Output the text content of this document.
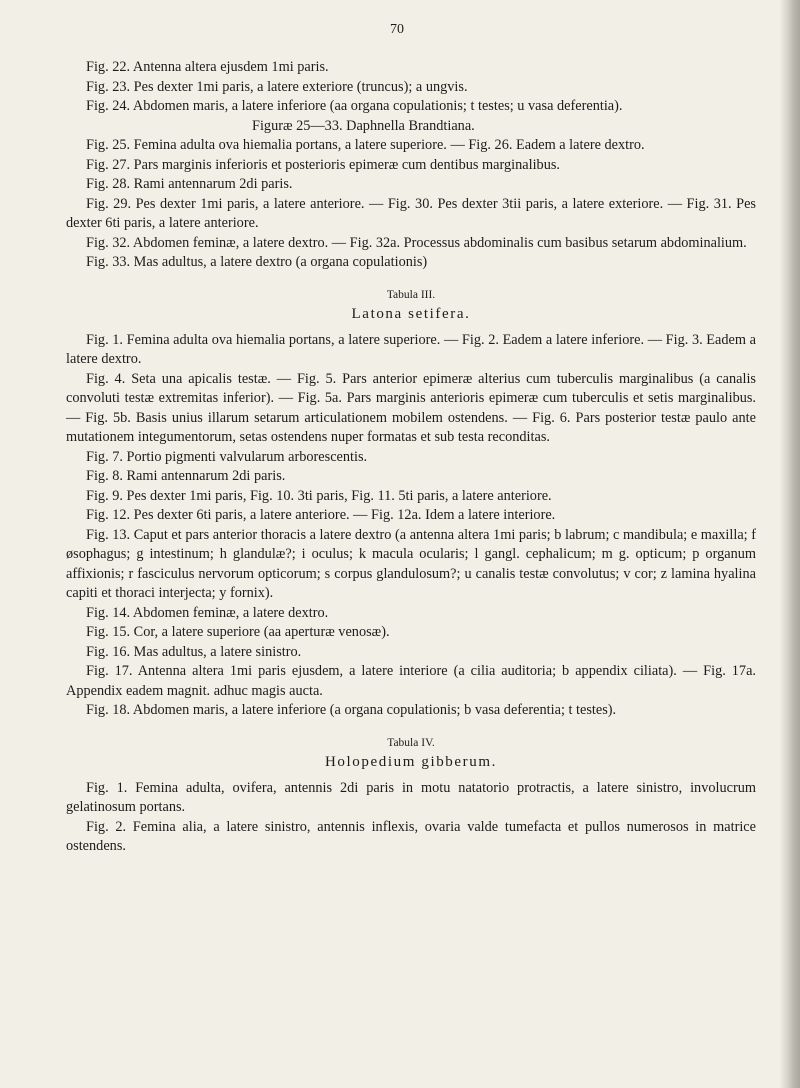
70

Fig. 22. Antenna altera ejusdem 1mi paris.

Fig. 23. Pes dexter 1mi paris, a latere exteriore (truncus); a ungvis.

Fig. 24. Abdomen maris, a latere inferiore (aa organa copulationis; t testes; u vasa deferentia).

Figuræ 25—33. Daphnella Brandtiana.

Fig. 25. Femina adulta ova hiemalia portans, a latere superiore. — Fig. 26. Eadem a latere dextro.

Fig. 27. Pars marginis inferioris et posterioris epimeræ cum dentibus marginalibus.

Fig. 28. Rami antennarum 2di paris.

Fig. 29. Pes dexter 1mi paris, a latere anteriore. — Fig. 30. Pes dexter 3tii paris, a latere exteriore. — Fig. 31. Pes dexter 6ti paris, a latere anteriore.

Fig. 32. Abdomen feminæ, a latere dextro. — Fig. 32a. Processus abdominalis cum basibus setarum abdominalium.

Fig. 33. Mas adultus, a latere dextro (a organa copulationis)

Tabula III.

Latona setifera.

Fig. 1. Femina adulta ova hiemalia portans, a latere superiore. — Fig. 2. Eadem a latere inferiore. — Fig. 3. Eadem a latere dextro.

Fig. 4. Seta una apicalis testæ. — Fig. 5. Pars anterior epimeræ alterius cum tuberculis marginalibus (a canalis convoluti testæ extremitas inferior). — Fig. 5a. Pars marginis anterioris epimeræ cum tuberculis et setis marginalibus. — Fig. 5b. Basis unius illarum setarum articulationem mobilem ostendens. — Fig. 6. Pars posterior testæ paulo ante mutationem integumentorum, setas ostendens nuper formatas et sub testa reconditas.

Fig. 7. Portio pigmenti valvularum arborescentis.

Fig. 8. Rami antennarum 2di paris.

Fig. 9. Pes dexter 1mi paris, Fig. 10. 3ti paris, Fig. 11. 5ti paris, a latere anteriore.

Fig. 12. Pes dexter 6ti paris, a latere anteriore. — Fig. 12a. Idem a latere interiore.

Fig. 13. Caput et pars anterior thoracis a latere dextro (a antenna altera 1mi paris; b labrum; c mandibula; e maxilla; f øsophagus; g intestinum; h glandulæ?; i oculus; k macula ocularis; l gangl. cephalicum; m g. opticum; p organum affixionis; r fasciculus nervorum opticorum; s corpus glandulosum?; u canalis testæ convolutus; v cor; z lamina hyalina capiti et thoraci interjecta; y fornix).

Fig. 14. Abdomen feminæ, a latere dextro.

Fig. 15. Cor, a latere superiore (aa aperturæ venosæ).

Fig. 16. Mas adultus, a latere sinistro.

Fig. 17. Antenna altera 1mi paris ejusdem, a latere interiore (a cilia auditoria; b appendix ciliata). — Fig. 17a. Appendix eadem magnit. adhuc magis aucta.

Fig. 18. Abdomen maris, a latere inferiore (a organa copulationis; b vasa deferentia; t testes).

Tabula IV.

Holopedium gibberum.

Fig. 1. Femina adulta, ovifera, antennis 2di paris in motu natatorio protractis, a latere sinistro, involucrum gelatinosum portans.

Fig. 2. Femina alia, a latere sinistro, antennis inflexis, ovaria valde tumefacta et pullos numerosos in matrice ostendens.
